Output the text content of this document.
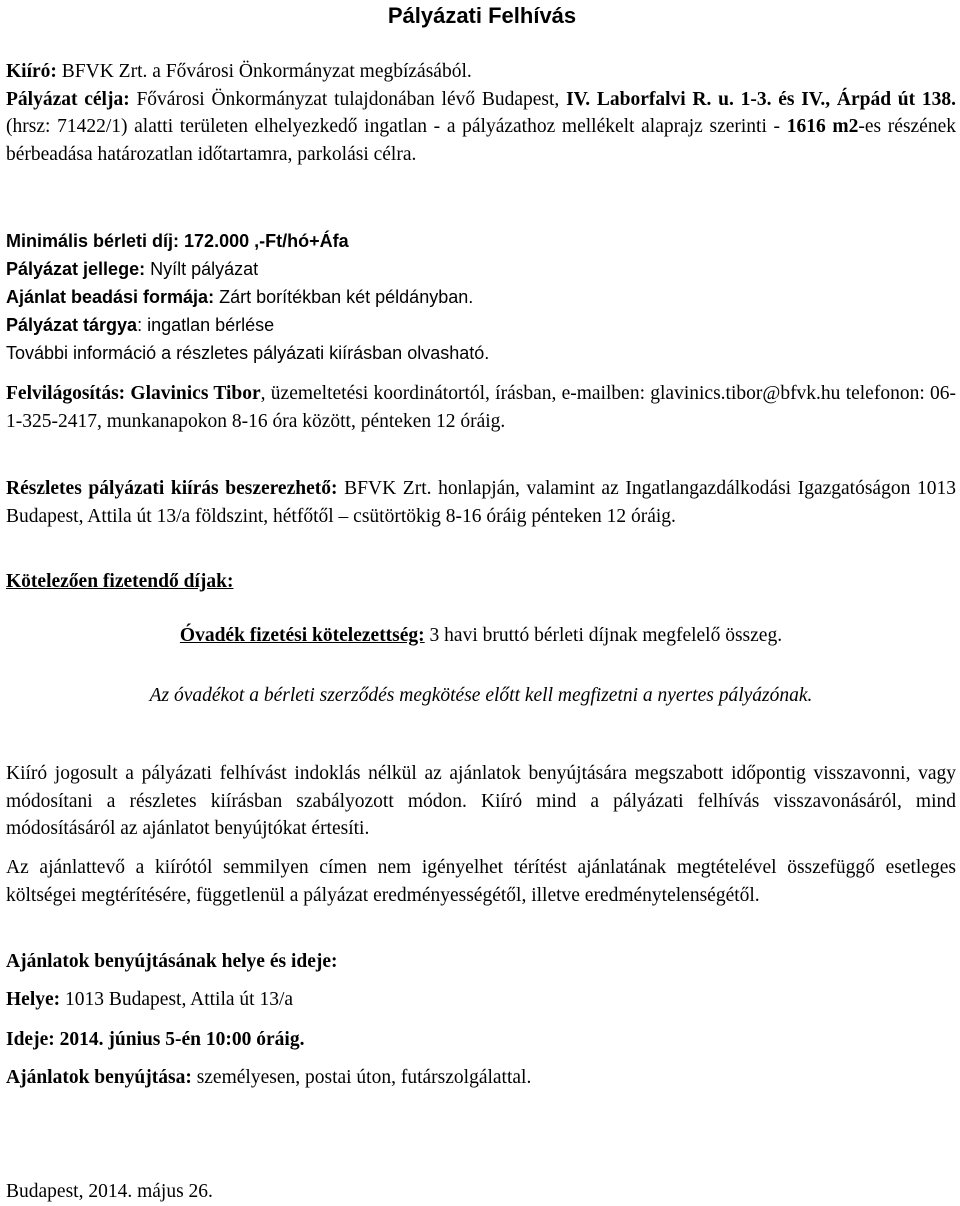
Pályázati Felhívás
Kiíró: BFVK Zrt. a Fővárosi Önkormányzat megbízásából.
Pályázat célja: Fővárosi Önkormányzat tulajdonában lévő Budapest, IV. Laborfalvi R. u. 1-3. és IV., Árpád út 138. (hrsz: 71422/1) alatti területen elhelyezkedő ingatlan - a pályázathoz mellékelt alaprajz szerinti - 1616 m2-es részének bérbeadása határozatlan időtartamra, parkolási célra.
Minimális bérleti díj: 172.000 ,-Ft/hó+Áfa
Pályázat jellege: Nyílt pályázat
Ajánlat beadási formája: Zárt borítékban két példányban.
Pályázat tárgya: ingatlan bérlése
További információ a részletes pályázati kiírásban olvasható.
Felvilágosítás: Glavinics Tibor, üzemeltetési koordinátortól, írásban, e-mailben: glavinics.tibor@bfvk.hu telefonon: 06-1-325-2417, munkanapokon 8-16 óra között, pénteken 12 óráig.
Részletes pályázati kiírás beszerezhető: BFVK Zrt. honlapján, valamint az Ingatlangazdálkodási Igazgatóságon 1013 Budapest, Attila út 13/a földszint, hétfőtől – csütörtökig 8-16 óráig pénteken 12 óráig.
Kötelezően fizetendő díjak:
Óvadék fizetési kötelezettség: 3 havi bruttó bérleti díjnak megfelelő összeg.
Az óvadékot a bérleti szerződés megkötése előtt kell megfizetni a nyertes pályázónak.
Kiíró jogosult a pályázati felhívást indoklás nélkül az ajánlatok benyújtására megszabott időpontig visszavonni, vagy módosítani a részletes kiírásban szabályozott módon. Kiíró mind a pályázati felhívás visszavonásáról, mind módosításáról az ajánlatot benyújtókat értesíti.
Az ajánlattevő a kiírótól semmilyen címen nem igényelhet térítést ajánlatának megtételével összefüggő esetleges költségei megtérítésére, függetlenül a pályázat eredményességétől, illetve eredménytelenségétől.
Ajánlatok benyújtásának helye és ideje:
Helye: 1013 Budapest, Attila út 13/a
Ideje: 2014. június 5-én 10:00 óráig.
Ajánlatok benyújtása: személyesen, postai úton, futárszolgálattal.
Budapest, 2014. május 26.
